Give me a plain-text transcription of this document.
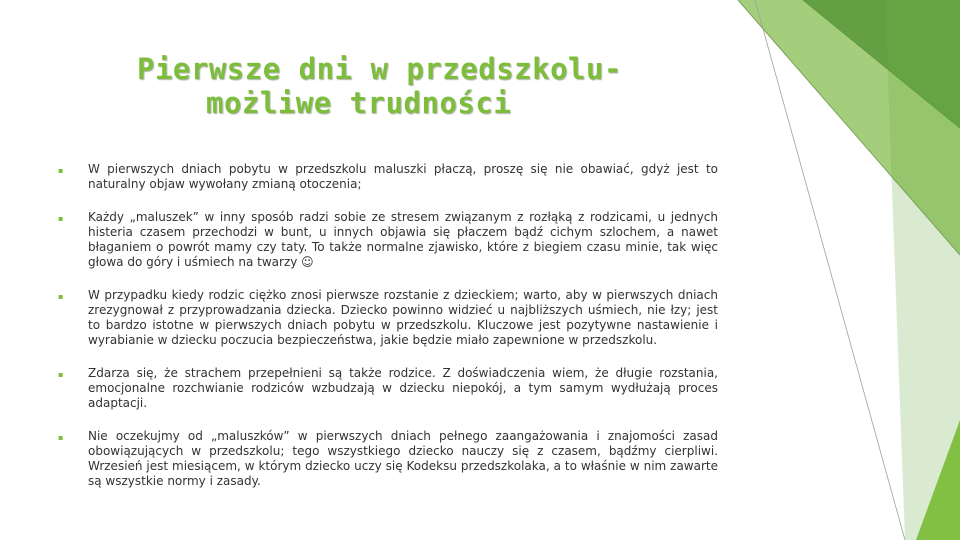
Pierwsze dni w przedszkolu-
możliwe trudności
▪ W pierwszych dniach pobytu w przedszkolu maluszki płaczą, proszę się nie obawiać, gdyż jest to naturalny objaw wywołany zmianą otoczenia;
▪ Każdy „maluszek” w inny sposób radzi sobie ze stresem związanym z rozłąką z rodzicami, u jednych histeria czasem przechodzi w bunt, u innych objawia się płaczem bądź cichym szlochem, a nawet błaganiem o powrót mamy czy taty. To także normalne zjawisko, które z biegiem czasu minie, tak więc głowa do góry i uśmiech na twarzy ☺
▪ W przypadku kiedy rodzic ciężko znosi pierwsze rozstanie z dzieckiem; warto, aby w pierwszych dniach zrezygnował z przyprowadzania dziecka. Dziecko powinno widzieć u najbliższych uśmiech, nie łzy; jest to bardzo istotne w pierwszych dniach pobytu w przedszkolu. Kluczowe jest pozytywne nastawienie i wyrabianie w dziecku poczucia bezpieczeństwa, jakie będzie miało zapewnione w przedszkolu.
▪ Zdarza się, że strachem przepełnieni są także rodzice. Z doświadczenia wiem, że długie rozstania, emocjonalne rozchwianie rodziców wzbudzają w dziecku niepokój, a tym samym wydłużają proces adaptacji.
▪ Nie oczekujmy od „maluszków” w pierwszych dniach pełnego zaangażowania i znajomości zasad obowiązujących w przedszkolu; tego wszystkiego dziecko nauczy się z czasem, bądźmy cierpliwi. Wrzesień jest miesiącem, w którym dziecko uczy się Kodeksu przedszkolaka, a to właśnie w nim zawarte są wszystkie normy i zasady.
